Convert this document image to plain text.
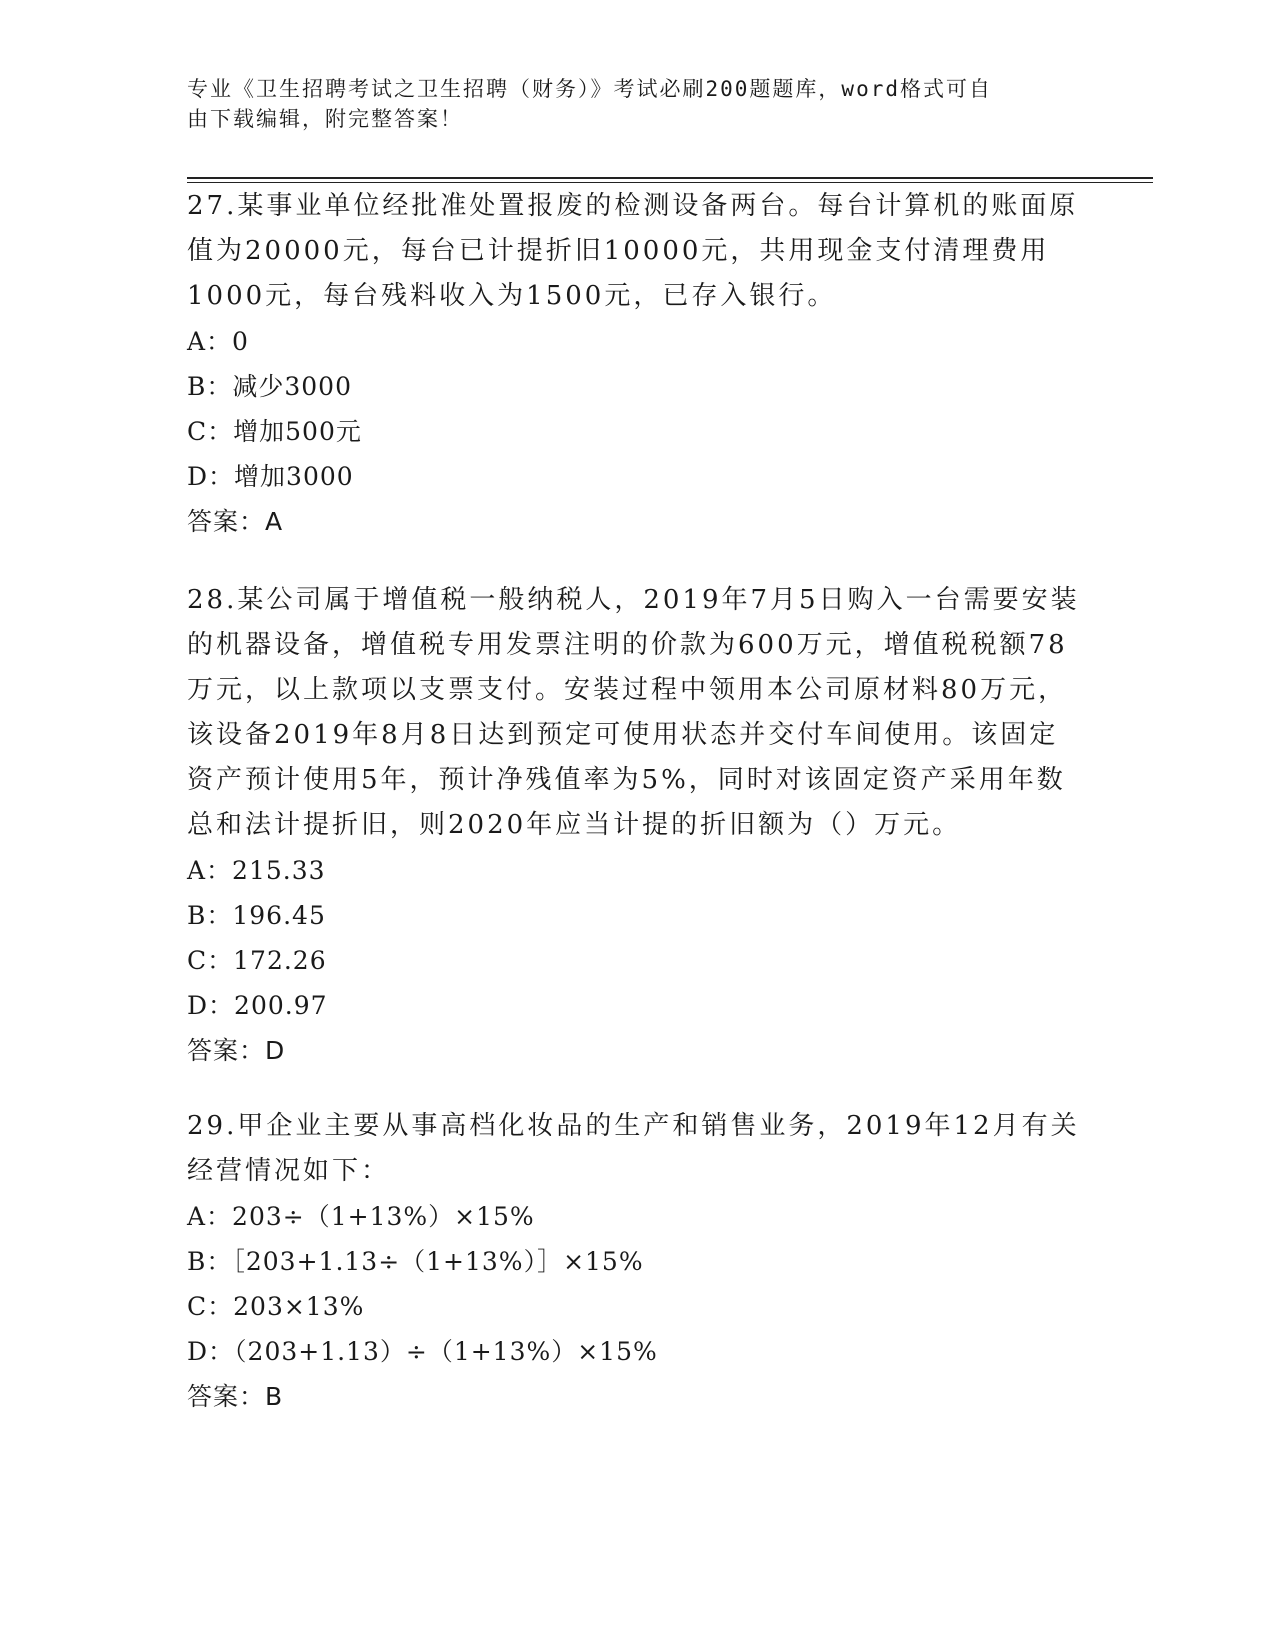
专业《卫生招聘考试之卫生招聘（财务）》考试必刷200题题库，word格式可自
由下载编辑，附完整答案！

27.某事业单位经批准处置报废的检测设备两台。每台计算机的账面原

值为20000元，每台已计提折旧10000元，共用现金支付清理费用

1000元，每台残料收入为1500元，已存入银行。

A：0

B：减少3000

C：增加500元

D：增加3000

答案：A

28.某公司属于增值税一般纳税人，2019年7月5日购入一台需要安装

的机器设备，增值税专用发票注明的价款为600万元，增值税税额78

万元，以上款项以支票支付。安装过程中领用本公司原材料80万元，

该设备2019年8月8日达到预定可使用状态并交付车间使用。该固定

资产预计使用5年，预计净残值率为5%，同时对该固定资产采用年数

总和法计提折旧，则2020年应当计提的折旧额为（）万元。

A：215.33

B：196.45

C：172.26

D：200.97

答案：D

29.甲企业主要从事高档化妆品的生产和销售业务，2019年12月有关

经营情况如下：

A：203÷（1+13%）×15%

B：［203+1.13÷（1+13%）］×15%

C：203×13%

D：（203+1.13）÷（1+13%）×15%

答案：B
